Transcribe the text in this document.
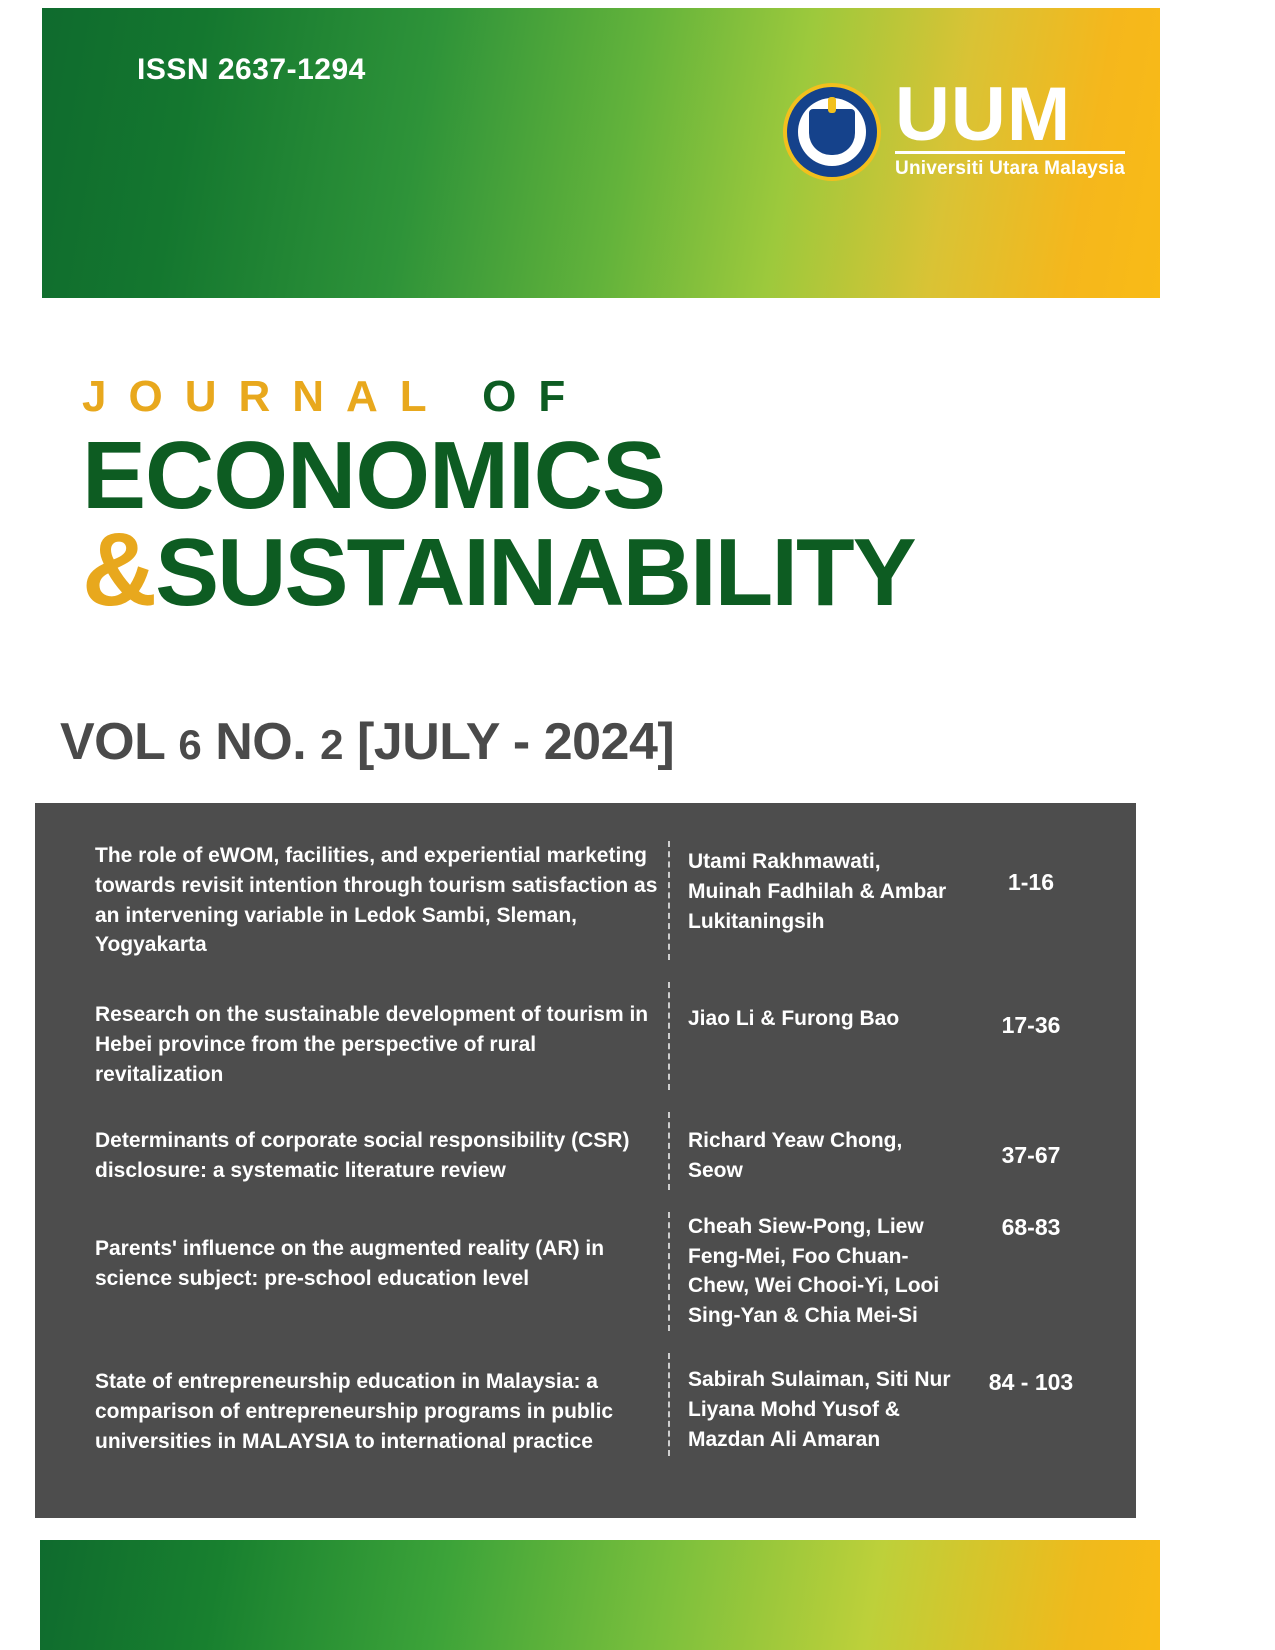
ISSN 2637-1294
UUM
Universiti Utara Malaysia
JOURNAL OF
ECONOMICS
&SUSTAINABILITY
VOL 6 NO. 2 [JULY - 2024]
The role of eWOM, facilities, and experiential marketing towards revisit intention through tourism satisfaction as an intervening variable in Ledok Sambi, Sleman, Yogyakarta
Utami Rakhmawati, Muinah Fadhilah & Ambar Lukitaningsih
1-16
Research on the sustainable development of tourism in Hebei province from the perspective of rural revitalization
Jiao Li & Furong Bao	17-36
Determinants of corporate social responsibility (CSR) disclosure: a systematic literature review
Richard Yeaw Chong, Seow
37-67
Parents' influence on the augmented reality (AR) in science subject: pre-school education level
Cheah Siew-Pong, Liew Feng-Mei, Foo Chuan-Chew, Wei Chooi-Yi, Looi Sing-Yan & Chia Mei-Si
68-83
State of entrepreneurship education in Malaysia: a comparison of entrepreneurship programs in public universities in MALAYSIA to international practice
Sabirah Sulaiman, Siti Nur Liyana Mohd Yusof & Mazdan Ali Amaran
84 - 103
